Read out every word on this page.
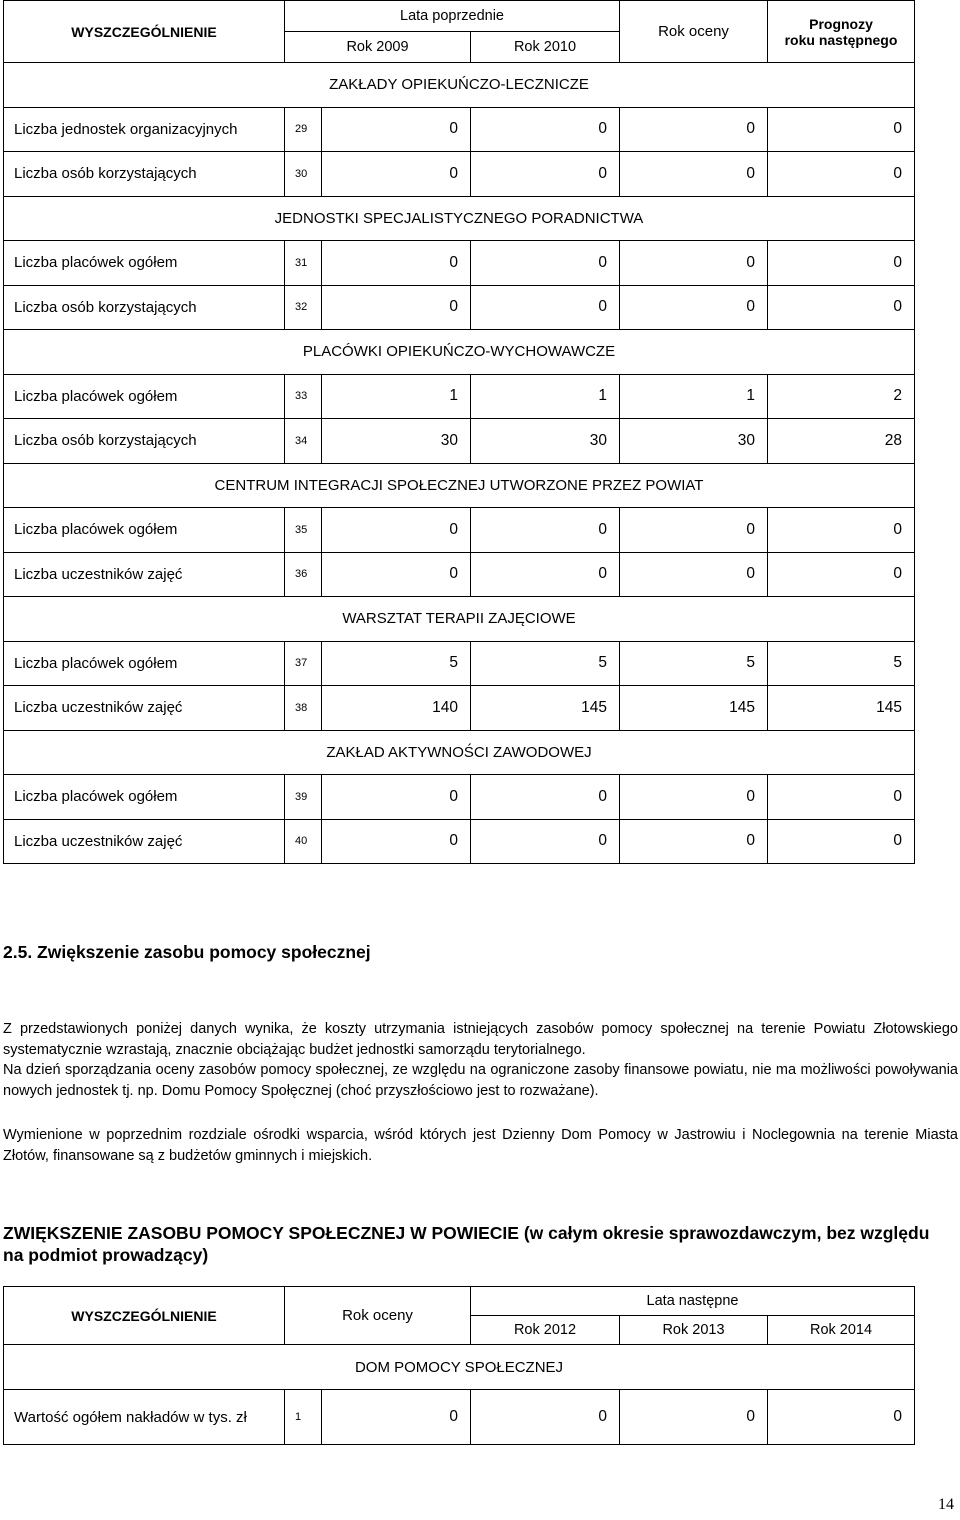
WYSZCZEGÓLNIENIE	Lata poprzednie			Rok oceny	Prognozy
roku następnego
	Rok 2009		Rok 2010		
ZAKŁADY OPIEKUŃCZO-LECZNICZE					
Liczba jednostek organizacyjnych	29	0	0	0	0
Liczba osób korzystających	30	0	0	0	0
JEDNOSTKI SPECJALISTYCZNEGO PORADNICTWA					
Liczba placówek ogółem	31	0	0	0	0
Liczba osób korzystających	32	0	0	0	0
PLACÓWKI OPIEKUŃCZO-WYCHOWAWCZE					
Liczba placówek ogółem	33	1	1	1	2
Liczba osób korzystających	34	30	30	30	28
CENTRUM INTEGRACJI SPOŁECZNEJ UTWORZONE PRZEZ POWIAT					
Liczba placówek ogółem	35	0	0	0	0
Liczba uczestników zajęć	36	0	0	0	0
WARSZTAT TERAPII ZAJĘCIOWE					
Liczba placówek ogółem	37	5	5	5	5
Liczba uczestników zajęć	38	140	145	145	145
ZAKŁAD AKTYWNOŚCI ZAWODOWEJ					
Liczba placówek ogółem	39	0	0	0	0
Liczba uczestników zajęć	40	0	0	0	0

2.5. Zwiększenie zasobu pomocy społecznej

Z przedstawionych poniżej danych wynika, że koszty utrzymania istniejących zasobów pomocy społecznej na terenie Powiatu Złotowskiego systematycznie wzrastają, znacznie obciążając budżet jednostki samorządu terytorialnego.

Na dzień sporządzania oceny zasobów pomocy społecznej, ze względu na ograniczone zasoby finansowe powiatu, nie ma możliwości powoływania nowych jednostek tj. np. Domu Pomocy Społęcznej (choć przyszłościowo jest to rozważane).

Wymienione w poprzednim rozdziale ośrodki wsparcia, wśród których jest Dzienny Dom Pomocy w Jastrowiu i Noclegownia na terenie Miasta Złotów, finansowane są z budżetów gminnych i miejskich.

ZWIĘKSZENIE ZASOBU POMOCY SPOŁECZNEJ W POWIECIE (w całym okresie sprawozdawczym, bez względu na podmiot prowadzący)

WYSZCZEGÓLNIENIE	Rok oceny		Lata następne		
			Rok 2012	Rok 2013	Rok 2014
DOM POMOCY SPOŁECZNEJ					
Wartość ogółem nakładów w tys. zł	1	0	0	0	0
14
